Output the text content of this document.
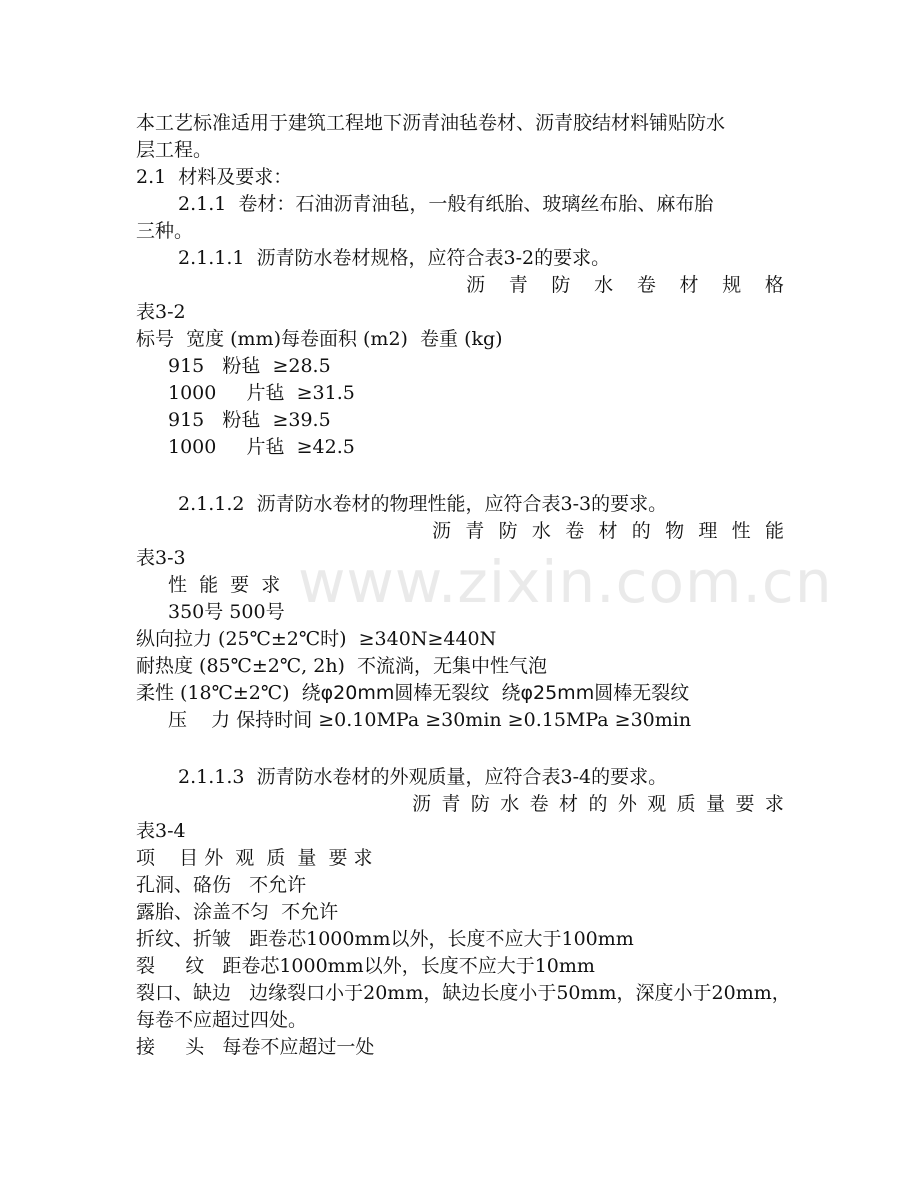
www.zixin.com.cn
本工艺标准适用于建筑工程地下沥青油毡卷材、沥青胶结材料铺贴防水
层工程。
2.1  材料及要求：
2.1.1  卷材：石油沥青油毡，一般有纸胎、玻璃丝布胎、麻布胎
三种。
2.1.1.1  沥青防水卷材规格，应符合表3-2的要求。
沥 青 防 水 卷 材 规 格
表3-2
标号  宽度 (mm)每卷面积 (m2)  卷重 (kg)
915   粉毡  ≥28.5
1000     片毡  ≥31.5
915   粉毡  ≥39.5
1000     片毡  ≥42.5
2.1.1.2  沥青防水卷材的物理性能，应符合表3-3的要求。
沥 青 防 水 卷 材 的 物 理 性 能
表3-3
性  能  要  求
350号 500号
纵向拉力 (25℃±2℃时)  ≥340N≥440N
耐热度 (85℃±2℃, 2h)  不流淌，无集中性气泡
柔性 (18℃±2℃)  绕φ20mm圆棒无裂纹  绕φ25mm圆棒无裂纹
压    力 保持时间 ≥0.10MPa ≥30min ≥0.15MPa ≥30min
2.1.1.3  沥青防水卷材的外观质量，应符合表3-4的要求。
沥 青 防 水 卷 材 的 外 观 质 量 要 求
表3-4
项    目 外  观  质  量  要 求
孔洞、硌伤   不允许
露胎、涂盖不匀  不允许
折纹、折皱   距卷芯1000mm以外，长度不应大于100mm
裂     纹   距卷芯1000mm以外，长度不应大于10mm
裂口、缺边   边缘裂口小于20mm，缺边长度小于50mm，深度小于20mm，
每卷不应超过四处。
接     头   每卷不应超过一处
